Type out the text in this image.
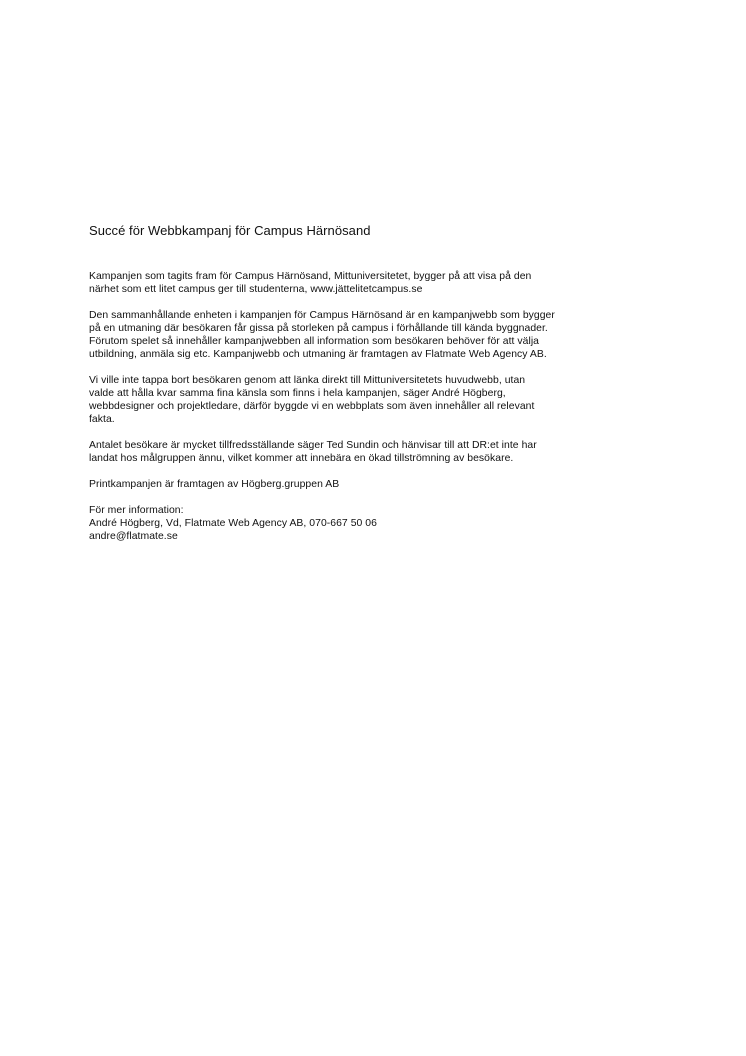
Succé för Webbkampanj för Campus Härnösand

Kampanjen som tagits fram för Campus Härnösand, Mittuniversitetet, bygger på att visa på den
närhet som ett litet campus ger till studenterna, www.jättelitetcampus.se

Den sammanhållande enheten i kampanjen för Campus Härnösand är en kampanjwebb som bygger
på en utmaning där besökaren får gissa på storleken på campus i förhållande till kända byggnader.
Förutom spelet så innehåller kampanjwebben all information som besökaren behöver för att välja
utbildning, anmäla sig etc. Kampanjwebb och utmaning är framtagen av Flatmate Web Agency AB.

Vi ville inte tappa bort besökaren genom att länka direkt till Mittuniversitetets huvudwebb, utan
valde att hålla kvar samma fina känsla som finns i hela kampanjen, säger André Högberg,
webbdesigner och projektledare, därför byggde vi en webbplats som även innehåller all relevant
fakta.

Antalet besökare är mycket tillfredsställande säger Ted Sundin och hänvisar till att DR:et inte har
landat hos målgruppen ännu, vilket kommer att innebära en ökad tillströmning av besökare.

Printkampanjen är framtagen av Högberg.gruppen AB

För mer information:
André Högberg, Vd, Flatmate Web Agency AB, 070-667 50 06
andre@flatmate.se
